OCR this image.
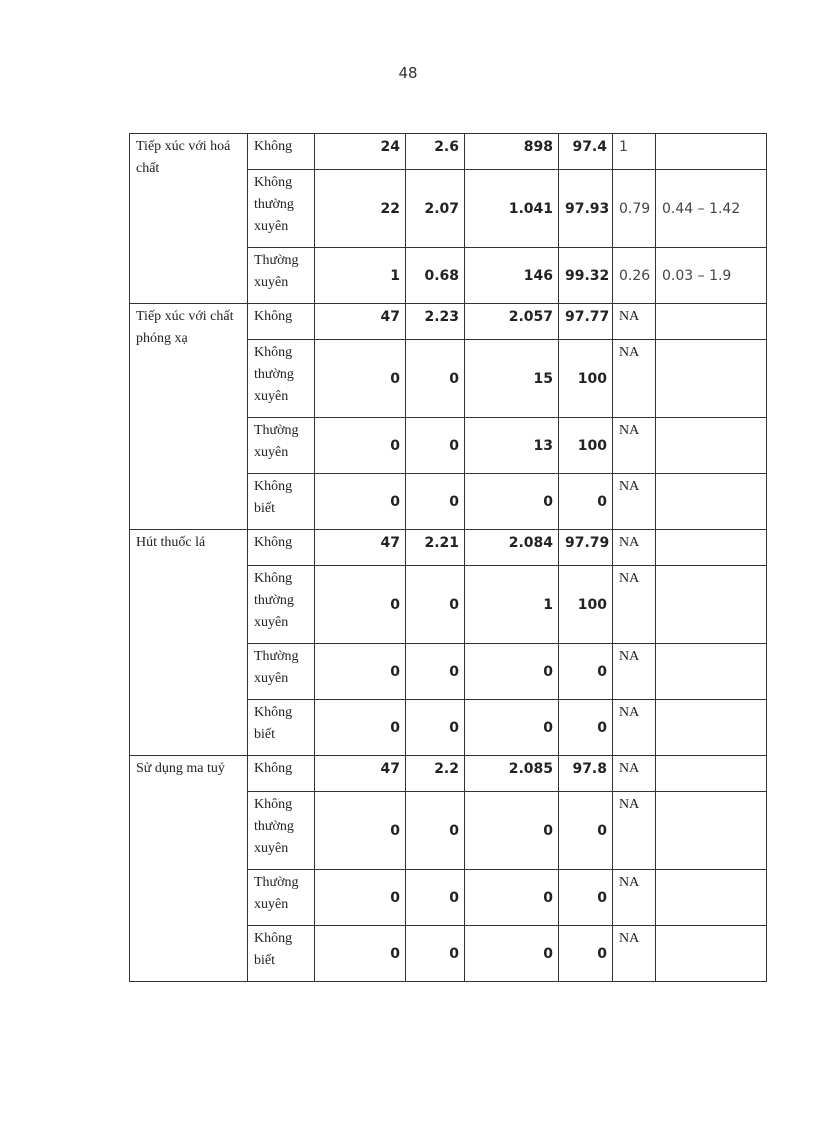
48
Tiếp xúc với hoá chất	Không	24	2.6	898	97.4	1	
	Không thường xuyên	22	2.07	1.041	97.93	0.79	0.44 – 1.42
	Thường xuyên	1	0.68	146	99.32	0.26	0.03 – 1.9
Tiếp xúc với chất phóng xạ	Không	47	2.23	2.057	97.77	NA	
	Không thường xuyên	0	0	15	100	NA	
	Thường xuyên	0	0	13	100	NA	
	Không biết	0	0	0	0	NA	
Hút thuốc lá	Không	47	2.21	2.084	97.79	NA	
	Không thường xuyên	0	0	1	100	NA	
	Thường xuyên	0	0	0	0	NA	
	Không biết	0	0	0	0	NA	
Sử dụng ma tuý	Không	47	2.2	2.085	97.8	NA	
	Không thường xuyên	0	0	0	0	NA	
	Thường xuyên	0	0	0	0	NA	
	Không biết	0	0	0	0	NA	
